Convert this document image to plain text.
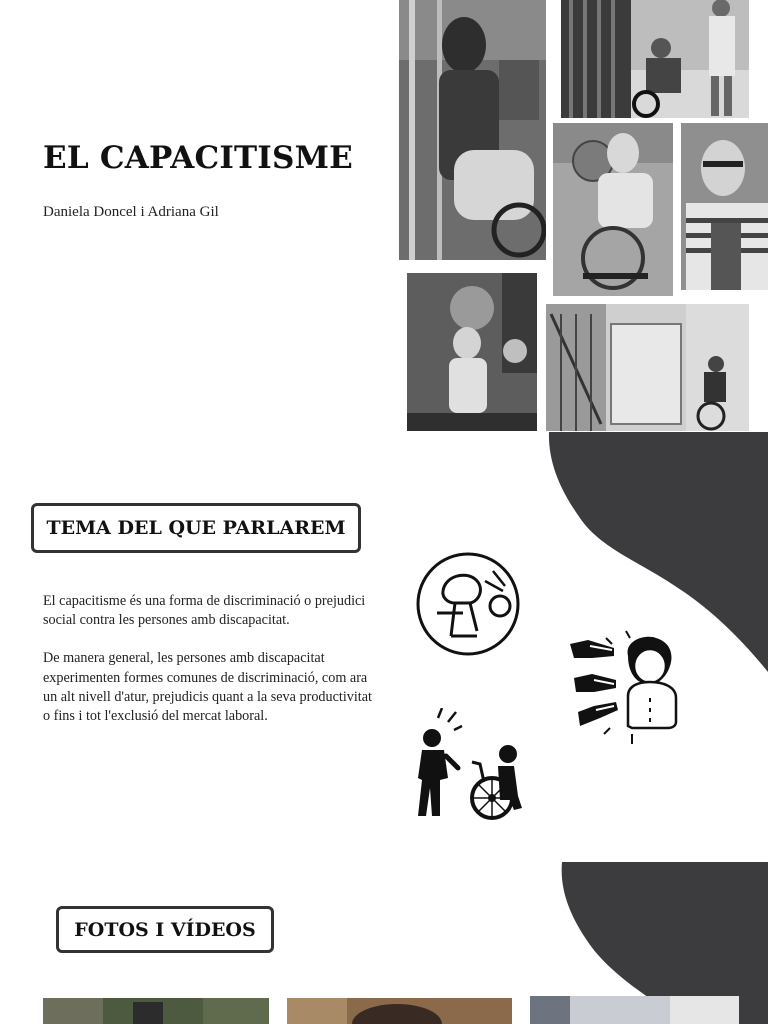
EL CAPACITISME
Daniela Doncel i Adriana Gil
TEMA DEL QUE PARLAREM

El capacitisme és una forma de discriminació o prejudici social contra les persones amb discapacitat.

De manera general, les persones amb discapacitat experimenten formes comunes de discriminació, com ara un alt nivell d'atur, prejudicis quant a la seva productivitat o fins i tot l'exclusió del mercat laboral.

FOTOS I VÍDEOS
